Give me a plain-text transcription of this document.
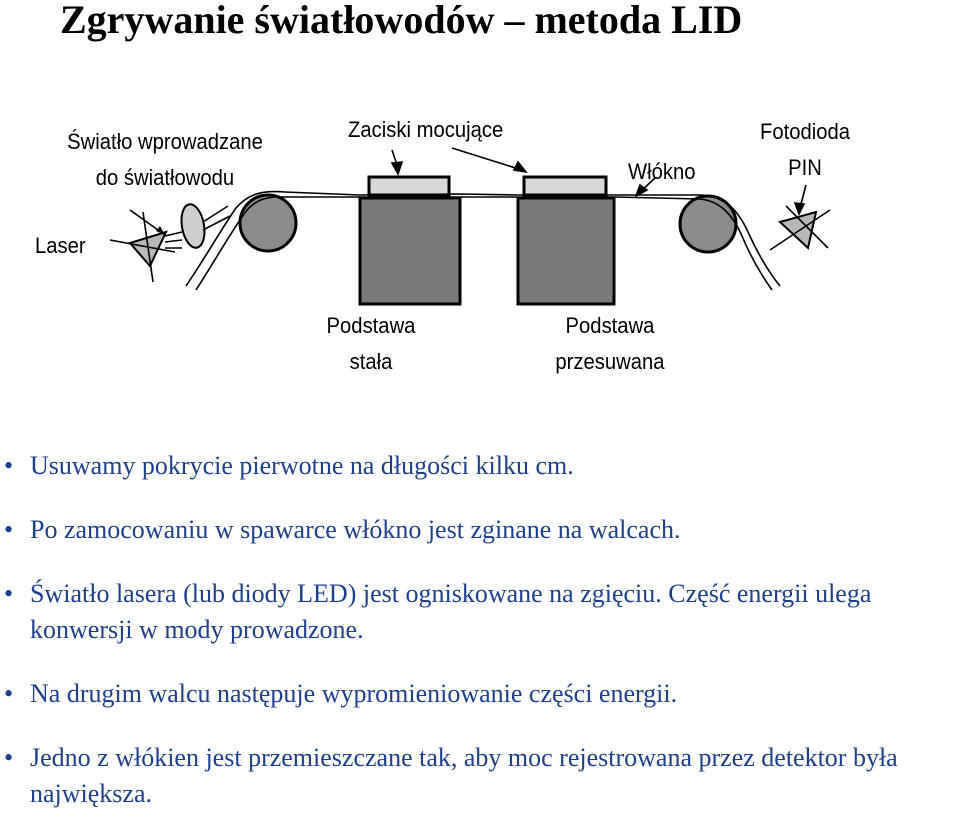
Zgrywanie światłowodów – metoda LID
Światło wprowadzane
do światłowodu
Laser
Zaciski mocujące
Włókno
Fotodioda
PIN
Podstawa
stała
Podstawa
przesuwana
• Usuwamy pokrycie pierwotne na długości kilku cm.
• Po zamocowaniu w spawarce włókno jest zginane na walcach.
• Światło lasera (lub diody LED) jest ogniskowane na zgięciu. Część energii ulega konwersji w mody prowadzone.
• Na drugim walcu następuje wypromieniowanie części energii.
• Jedno z włókien jest przemieszczane tak, aby moc rejestrowana przez detektor była największa.
